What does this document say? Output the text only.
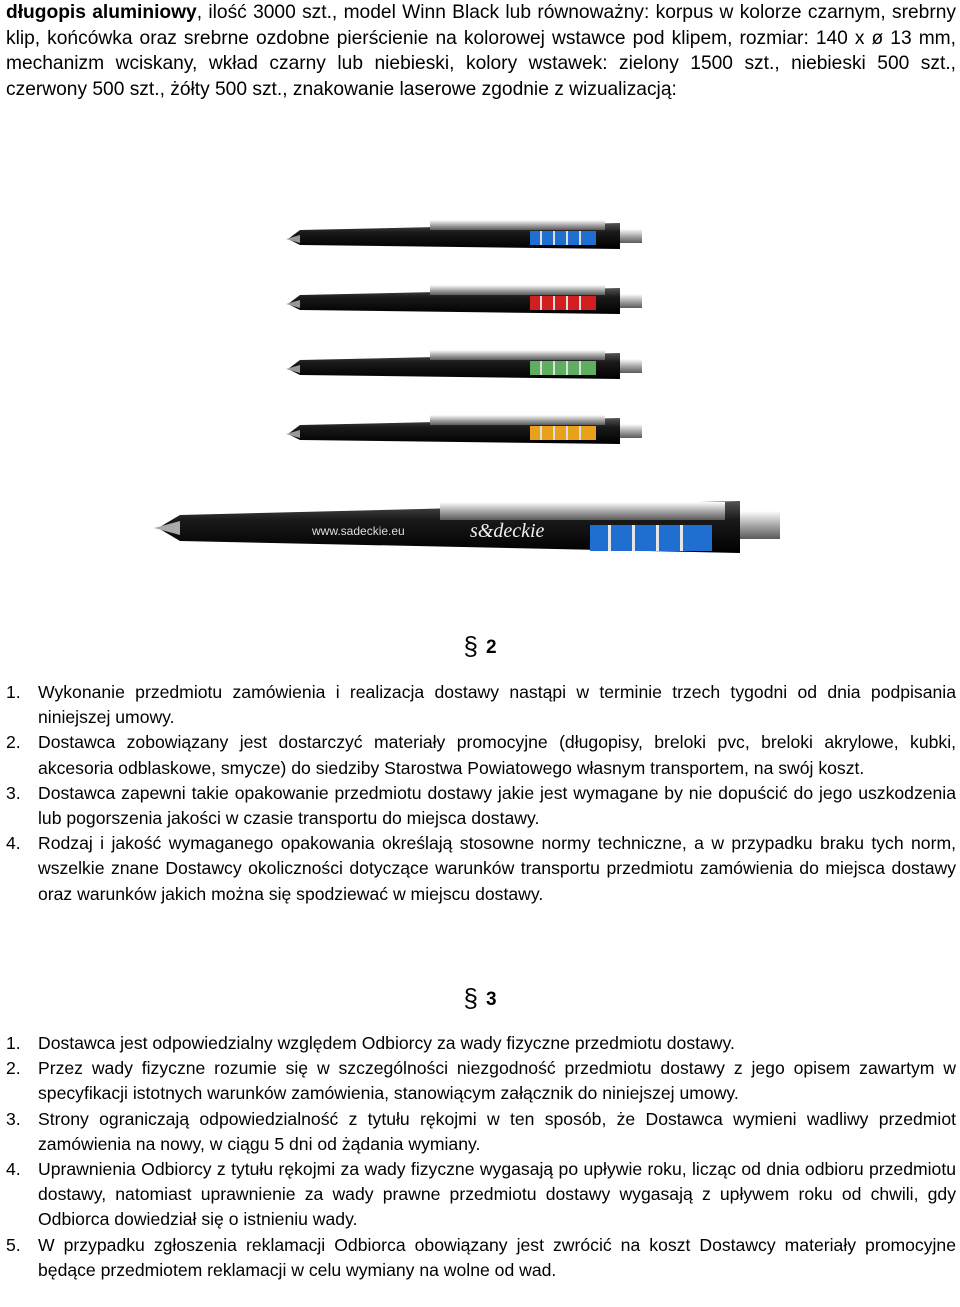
długopis aluminiowy, ilość 3000 szt., model Winn Black lub równoważny: korpus w kolorze czarnym, srebrny klip, końcówka oraz srebrne ozdobne pierścienie na kolorowej wstawce pod klipem, rozmiar: 140 x ø 13 mm, mechanizm wciskany, wkład czarny lub niebieski, kolory wstawek: zielony 1500 szt., niebieski 500 szt., czerwony 500 szt., żółty 500 szt., znakowanie laserowe zgodnie z wizualizacją:
www.sadeckie.eu	s&deckie
§ 2
1. Wykonanie przedmiotu zamówienia i realizacja dostawy nastąpi w terminie trzech tygodni od dnia podpisania niniejszej umowy.
2. Dostawca zobowiązany jest dostarczyć materiały promocyjne (długopisy, breloki pvc, breloki akrylowe, kubki, akcesoria odblaskowe, smycze) do siedziby Starostwa Powiatowego własnym transportem, na swój koszt.
3. Dostawca zapewni takie opakowanie przedmiotu dostawy jakie jest wymagane by nie dopuścić do jego uszkodzenia lub pogorszenia jakości w czasie transportu do miejsca dostawy.
4. Rodzaj i jakość wymaganego opakowania określają stosowne normy techniczne, a w przypadku braku tych norm, wszelkie znane Dostawcy okoliczności dotyczące warunków transportu przedmiotu zamówienia do miejsca dostawy oraz warunków jakich można się spodziewać w miejscu dostawy.
§ 3
1. Dostawca jest odpowiedzialny względem Odbiorcy za wady fizyczne przedmiotu dostawy.
2. Przez wady fizyczne rozumie się w szczególności niezgodność przedmiotu dostawy z jego opisem zawartym w specyfikacji istotnych warunków zamówienia, stanowiącym załącznik do niniejszej umowy.
3. Strony ograniczają odpowiedzialność z tytułu rękojmi w ten sposób, że Dostawca wymieni wadliwy przedmiot zamówienia na nowy, w ciągu 5 dni od żądania wymiany.
4. Uprawnienia Odbiorcy z tytułu rękojmi za wady fizyczne wygasają po upływie roku, licząc od dnia odbioru przedmiotu dostawy, natomiast uprawnienie za wady prawne przedmiotu dostawy wygasają z upływem roku od chwili, gdy Odbiorca dowiedział się o istnieniu wady.
5. W przypadku zgłoszenia reklamacji Odbiorca obowiązany jest zwrócić na koszt Dostawcy materiały promocyjne będące przedmiotem reklamacji w celu wymiany na wolne od wad.
